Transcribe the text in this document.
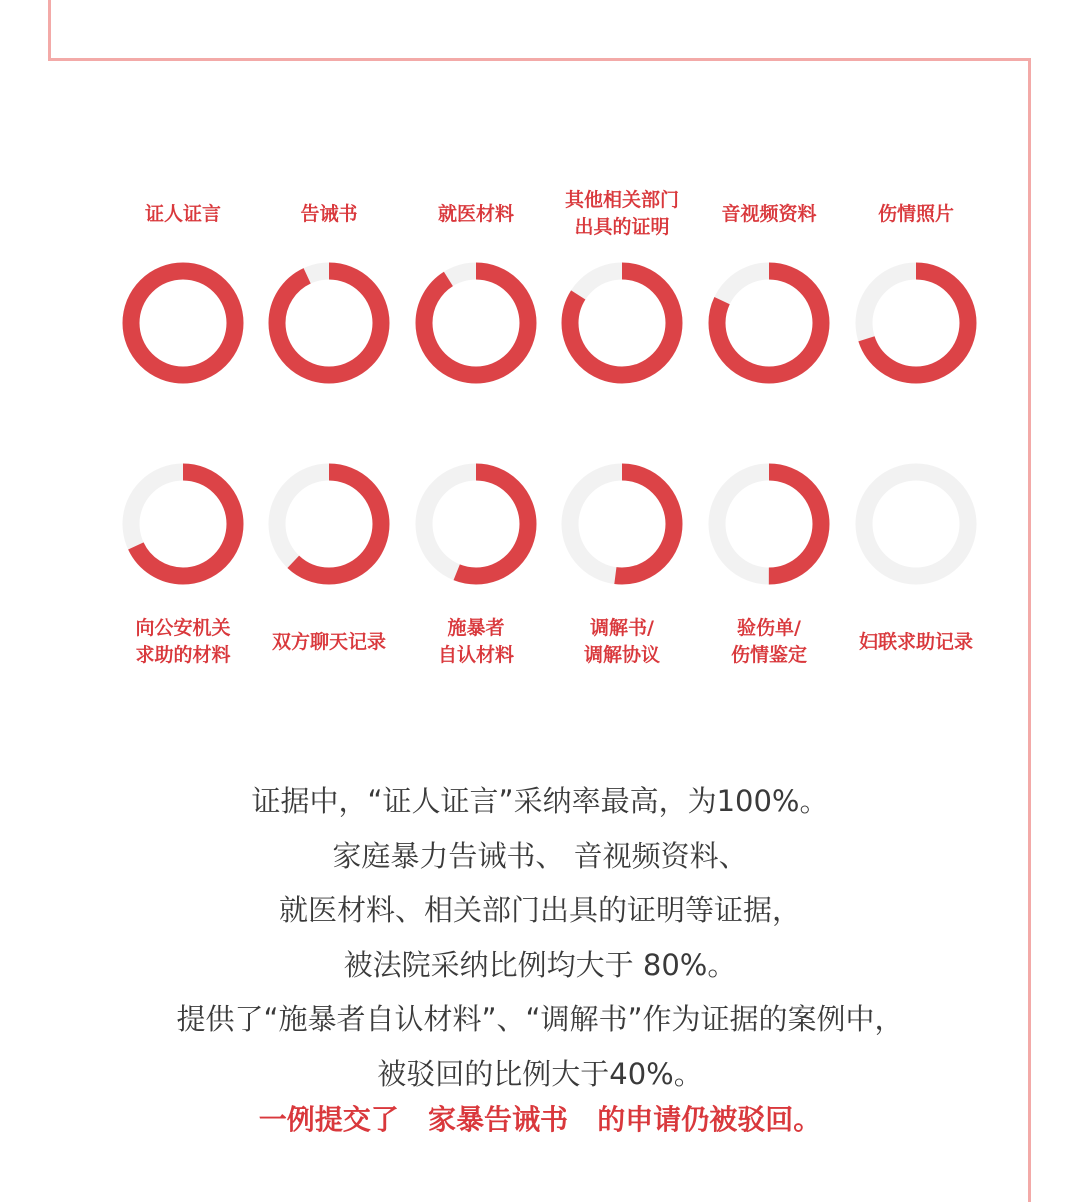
证人证言	告诫书	就医材料
其他相关部门
出具的证明
音视频资料	伤情照片
向公安机关
求助的材料
双方聊天记录
施暴者
自认材料
调解书/
调解协议
验伤单/
伤情鉴定
妇联求助记录
证据中，“证人证言”采纳率最高，为100%。
家庭暴力告诫书、 音视频资料、
就医材料、相关部门出具的证明等证据，
被法院采纳比例均大于 80%。
提供了“施暴者自认材料”、“调解书”作为证据的案例中，
被驳回的比例大于40%。
一例提交了   家暴告诫书   的申请仍被驳回。
